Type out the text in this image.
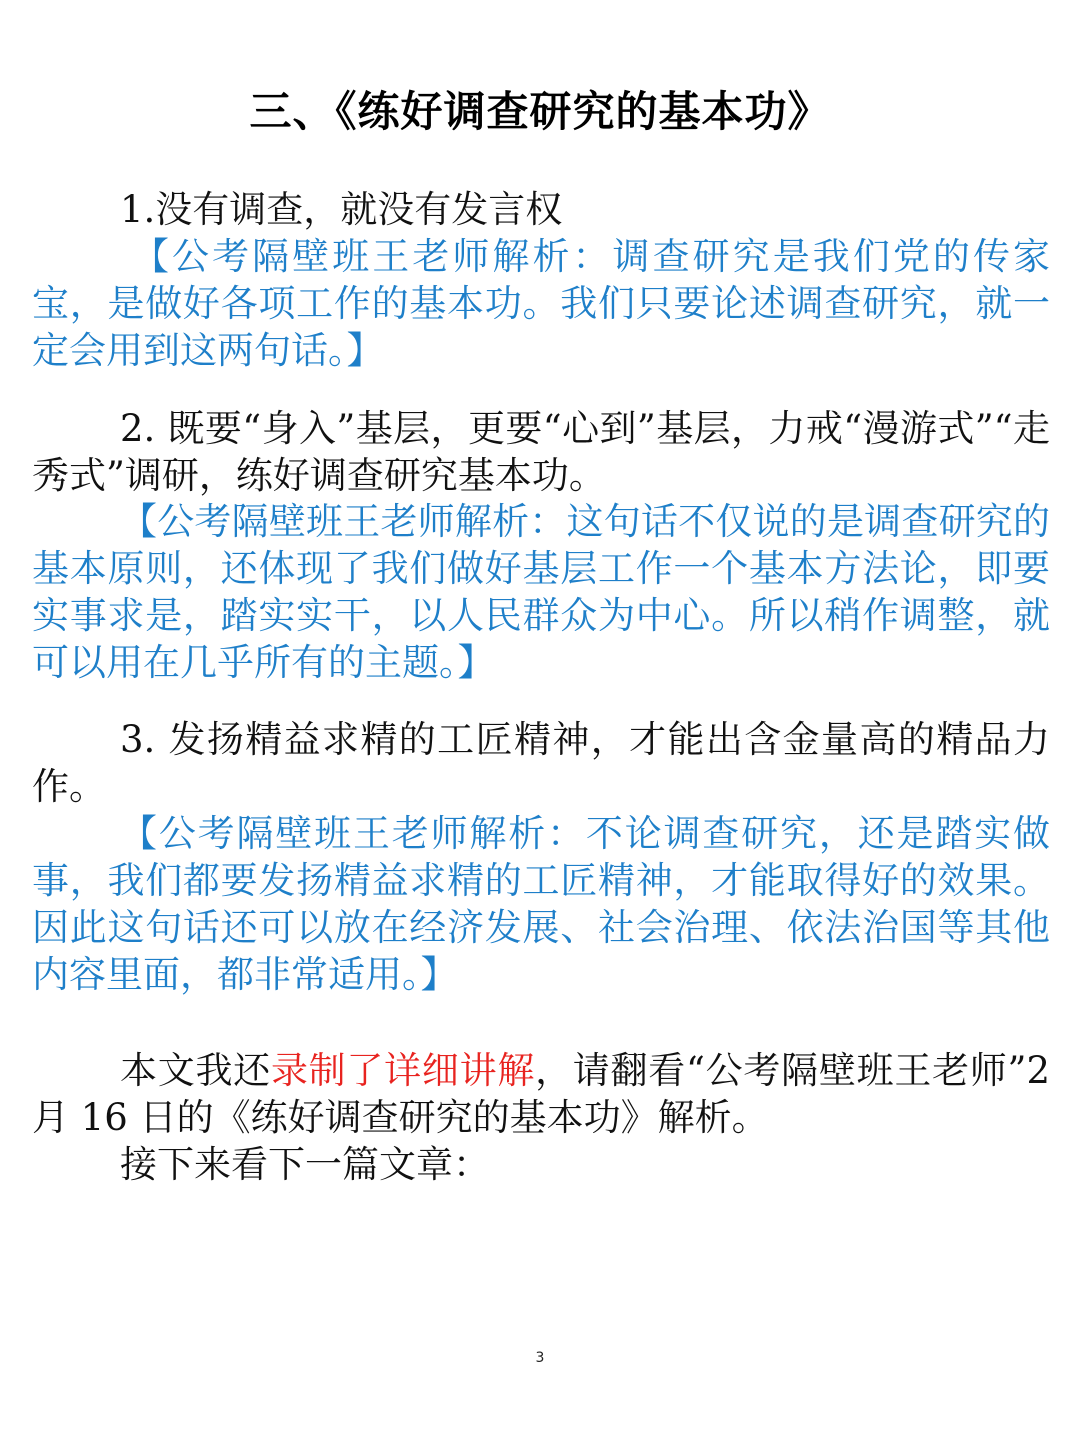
三、《练好调查研究的基本功》
1.没有调查，就没有发言权
【公考隔壁班王老师解析：调查研究是我们党的传家宝，是做好各项工作的基本功。我们只要论述调查研究，就一定会用到这两句话。】
2. 既要“身入”基层，更要“心到”基层，力戒“漫游式”“走秀式”调研，练好调查研究基本功。
【公考隔壁班王老师解析：这句话不仅说的是调查研究的基本原则，还体现了我们做好基层工作一个基本方法论，即要实事求是，踏实实干，以人民群众为中心。所以稍作调整，就可以用在几乎所有的主题。】
3. 发扬精益求精的工匠精神，才能出含金量高的精品力作。
【公考隔壁班王老师解析：不论调查研究，还是踏实做事，我们都要发扬精益求精的工匠精神，才能取得好的效果。因此这句话还可以放在经济发展、社会治理、依法治国等其他内容里面，都非常适用。】
本文我还录制了详细讲解，请翻看“公考隔壁班王老师”2 月 16 日的《练好调查研究的基本功》解析。
接下来看下一篇文章：
3
